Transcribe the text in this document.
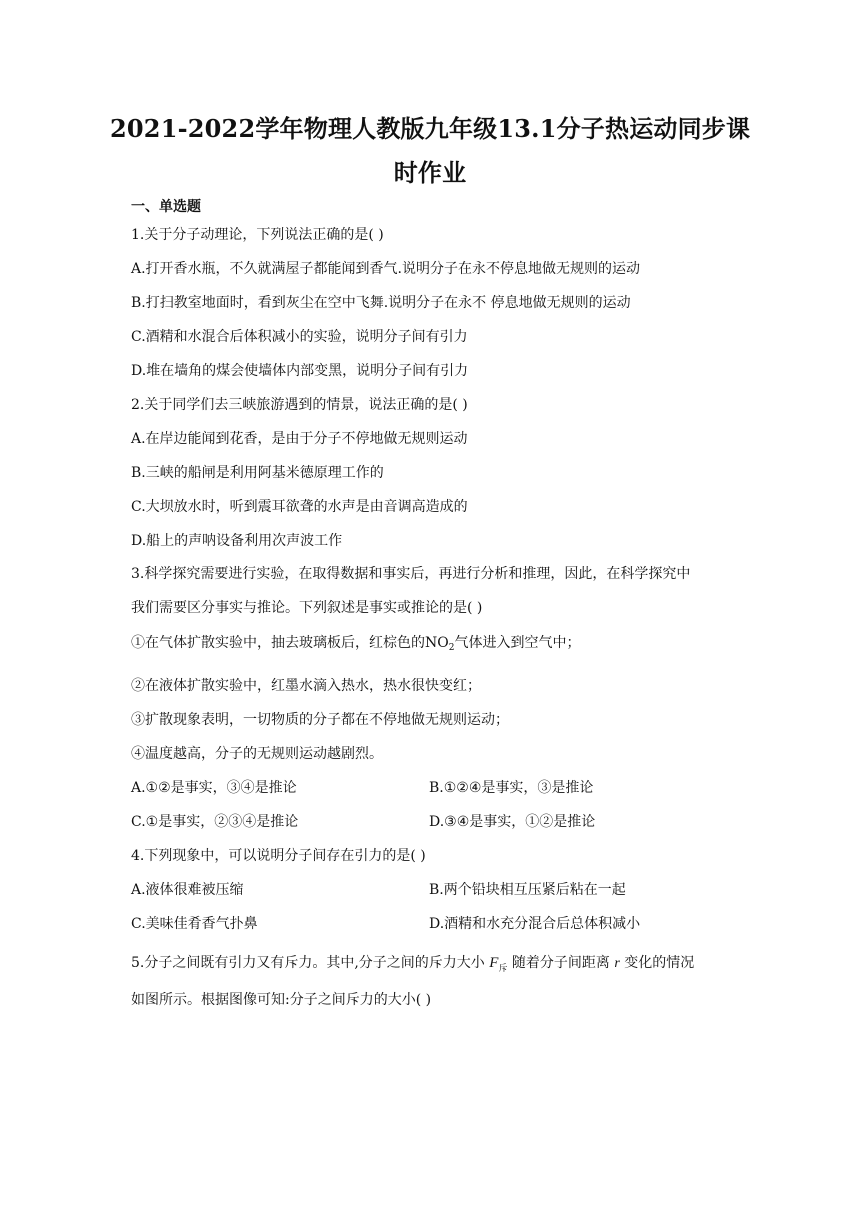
2021-2022学年物理人教版九年级13.1分子热运动同步课
时作业
一、单选题
1.关于分子动理论，下列说法正确的是( )
A.打开香水瓶，不久就满屋子都能闻到香气.说明分子在永不停息地做无规则的运动
B.打扫教室地面时，看到灰尘在空中飞舞.说明分子在永不 停息地做无规则的运动
C.酒精和水混合后体积减小的实验，说明分子间有引力
D.堆在墙角的煤会使墙体内部变黑，说明分子间有引力
2.关于同学们去三峡旅游遇到的情景，说法正确的是( )
A.在岸边能闻到花香，是由于分子不停地做无规则运动
B.三峡的船闸是利用阿基米德原理工作的
C.大坝放水时，听到震耳欲聋的水声是由音调高造成的
D.船上的声呐设备利用次声波工作
3.科学探究需要进行实验，在取得数据和事实后，再进行分析和推理，因此，在科学探究中
我们需要区分事实与推论。下列叙述是事实或推论的是( )
①在气体扩散实验中，抽去玻璃板后，红棕色的$NO_2$气体进入到空气中；
②在液体扩散实验中，红墨水滴入热水，热水很快变红；
③扩散现象表明，一切物质的分子都在不停地做无规则运动；
④温度越高，分子的无规则运动越剧烈。
A.①②是事实，③④是推论	B.①②④是事实，③是推论
C.①是事实，②③④是推论	D.③④是事实，①②是推论
4.下列现象中，可以说明分子间存在引力的是( )
A.液体很难被压缩	B.两个铅块相互压紧后粘在一起
C.美味佳肴香气扑鼻	D.酒精和水充分混合后总体积减小
5.分子之间既有引力又有斥力。其中,分子之间的斥力大小 $F_斥$ 随着分子间距离 r 变化的情况
如图所示。根据图像可知:分子之间斥力的大小( )
